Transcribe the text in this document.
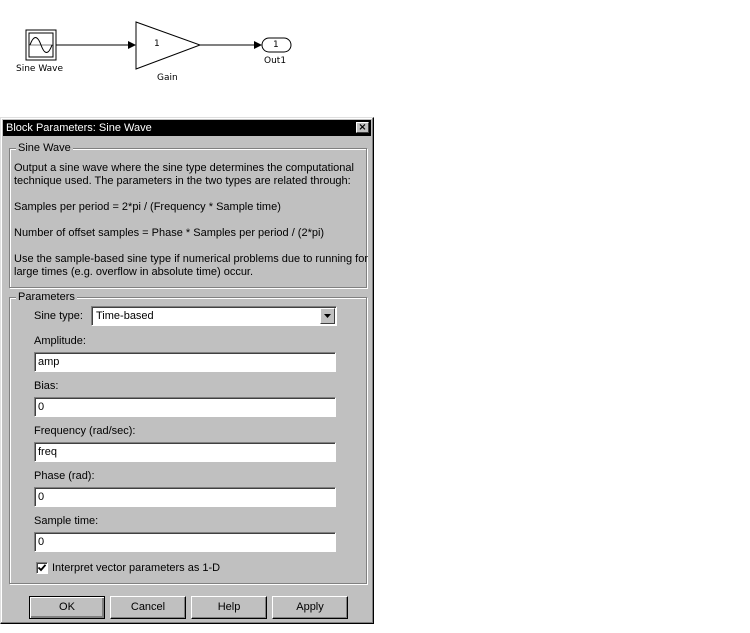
1	1
Sine Wave
Gain
Out1
Block Parameters: Sine Wave	×
Sine Wave
Output a sine wave where the sine type determines the computational
technique used. The parameters in the two types are related through:
Samples per period = 2*pi / (Frequency * Sample time)
Number of offset samples = Phase * Samples per period / (2*pi)
Use the sample-based sine type if numerical problems due to running for
large times (e.g. overflow in absolute time) occur.
Parameters
Sine type: Time-based
Amplitude:
amp
Bias:
0
Frequency (rad/sec):
freq
Phase (rad):
0
Sample time:
0
Interpret vector parameters as 1-D
OK	Cancel	Help	Apply
